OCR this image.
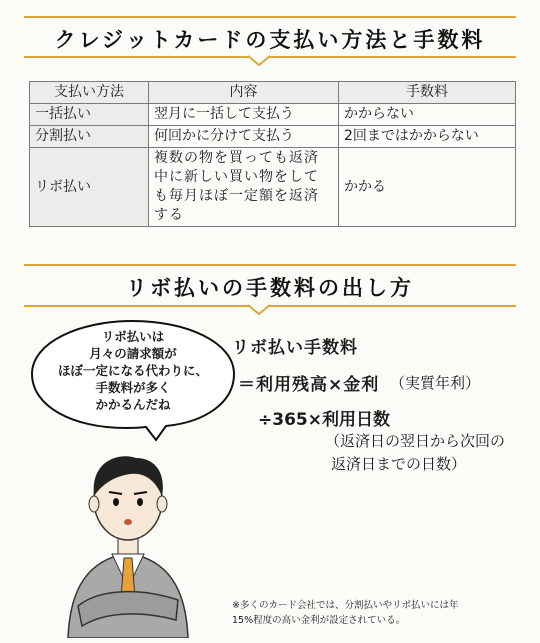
クレジットカードの支払い方法と手数料
支払い方法	内容	手数料
一括払い	翌月に一括して支払う	かからない
分割払い	何回かに分けて支払う	2回まではかからない
リボ払い	複数の物を買っても返済
中に新しい買い物をして
も毎月ほぼ一定額を返済
する	かかる
リボ払いの手数料の出し方
リボ払いは
月々の請求額が
ほぼ一定になる代わりに、
手数料が多く
かかるんだね
リボ払い手数料
＝利用残高×金利 （実質年利）
÷365×利用日数
（返済日の翌日から次回の
返済日までの日数）
※多くのカード会社では、分割払いやリボ払いには年
15%程度の高い金利が設定されている。
